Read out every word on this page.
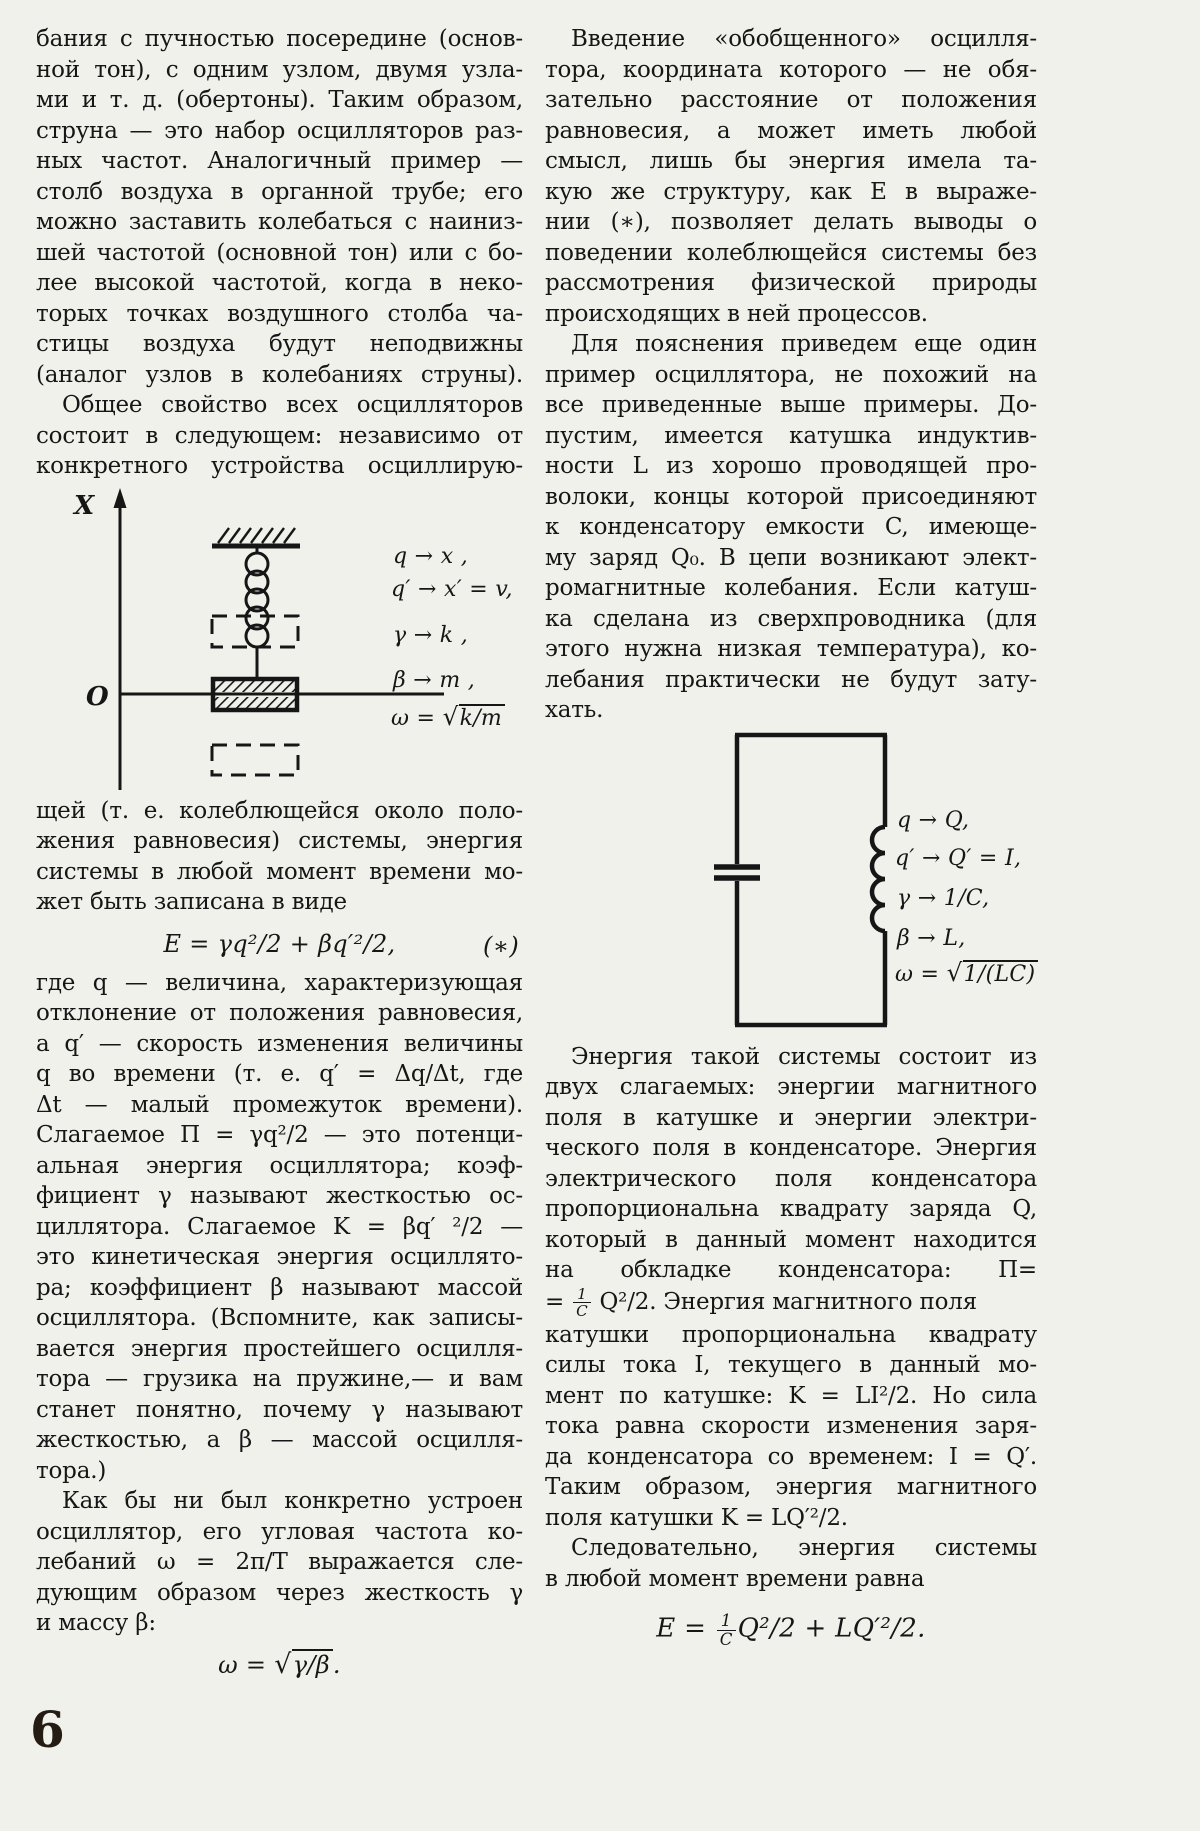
бания с пучностью посередине (основ-
ной тон), с одним узлом, двумя узла-
ми и т. д. (обертоны). Таким образом,
струна — это набор осцилляторов раз-
ных частот. Аналогичный пример —
столб воздуха в органной трубе; его
можно заставить колебаться с наиниз-
шей частотой (основной тон) или с бо-
лее высокой частотой, когда в неко-
торых точках воздушного столба ча-
стицы воздуха будут неподвижны
(аналог узлов в колебаниях струны).
Общее свойство всех осцилляторов
состоит в следующем: независимо от
конкретного устройства осциллирую-
X
O
q → x ,
q′ → x′ = v,
γ → k ,
β → m ,
ω = √k/m
щей (т. е. колеблющейся около поло-
жения равновесия) системы, энергия
системы в любой момент времени мо-
жет быть записана в виде
E = γq²/2 + βq′²/2,	(∗)
где q — величина, характеризующая
отклонение от положения равновесия,
а q′ — скорость изменения величины
q во времени (т. е. q′ = Δq/Δt, где
Δt — малый промежуток времени).
Слагаемое Π = γq²/2 — это потенци-
альная энергия осциллятора; коэф-
фициент γ называют жесткостью ос-
циллятора. Слагаемое K = βq′ ²/2 —
это кинетическая энергия осциллято-
ра; коэффициент β называют массой
осциллятора. (Вспомните, как записы-
вается энергия простейшего осцилля-
тора — грузика на пружине,— и вам
станет понятно, почему γ называют
жесткостью, а β — массой осцилля-
тора.)
Как бы ни был конкретно устроен
осциллятор, его угловая частота ко-
лебаний ω = 2π/T выражается сле-
дующим образом через жесткость γ
и массу β:
ω = √γ/β .
Введение «обобщенного» осцилля-
тора, координата которого — не обя-
зательно расстояние от положения
равновесия, а может иметь любой
смысл, лишь бы энергия имела та-
кую же структуру, как E в выраже-
нии (∗), позволяет делать выводы о
поведении колеблющейся системы без
рассмотрения физической природы
происходящих в ней процессов.
Для пояснения приведем еще один
пример осциллятора, не похожий на
все приведенные выше примеры. До-
пустим, имеется катушка индуктив-
ности L из хорошо проводящей про-
волоки, концы которой присоединяют
к конденсатору емкости C, имеюще-
му заряд Q₀. В цепи возникают элект-
ромагнитные колебания. Если катуш-
ка сделана из сверхпроводника (для
этого нужна низкая температура), ко-
лебания практически не будут зату-
хать.
q → Q,
q′ → Q′ = I,
γ → 1/C,
β → L,
ω = √1/(LC)
Энергия такой системы состоит из
двух слагаемых: энергии магнитного
поля в катушке и энергии электри-
ческого поля в конденсаторе. Энергия
электрического поля конденсатора
пропорциональна квадрату заряда Q,
который в данный момент находится
на обкладке конденсатора: Π=
= $\frac{1}{C} Q^2/2$. Энергия магнитного поля
катушки пропорциональна квадрату
силы тока I, текущего в данный мо-
мент по катушке: K = LI²/2. Но сила
тока равна скорости изменения заря-
да конденсатора со временем: I = Q′.
Таким образом, энергия магнитного
поля катушки K = LQ′²/2.
Следовательно, энергия системы
в любой момент времени равна
$E = \frac{1}{C} Q^2/2 + LQ'^2/2$.
6
